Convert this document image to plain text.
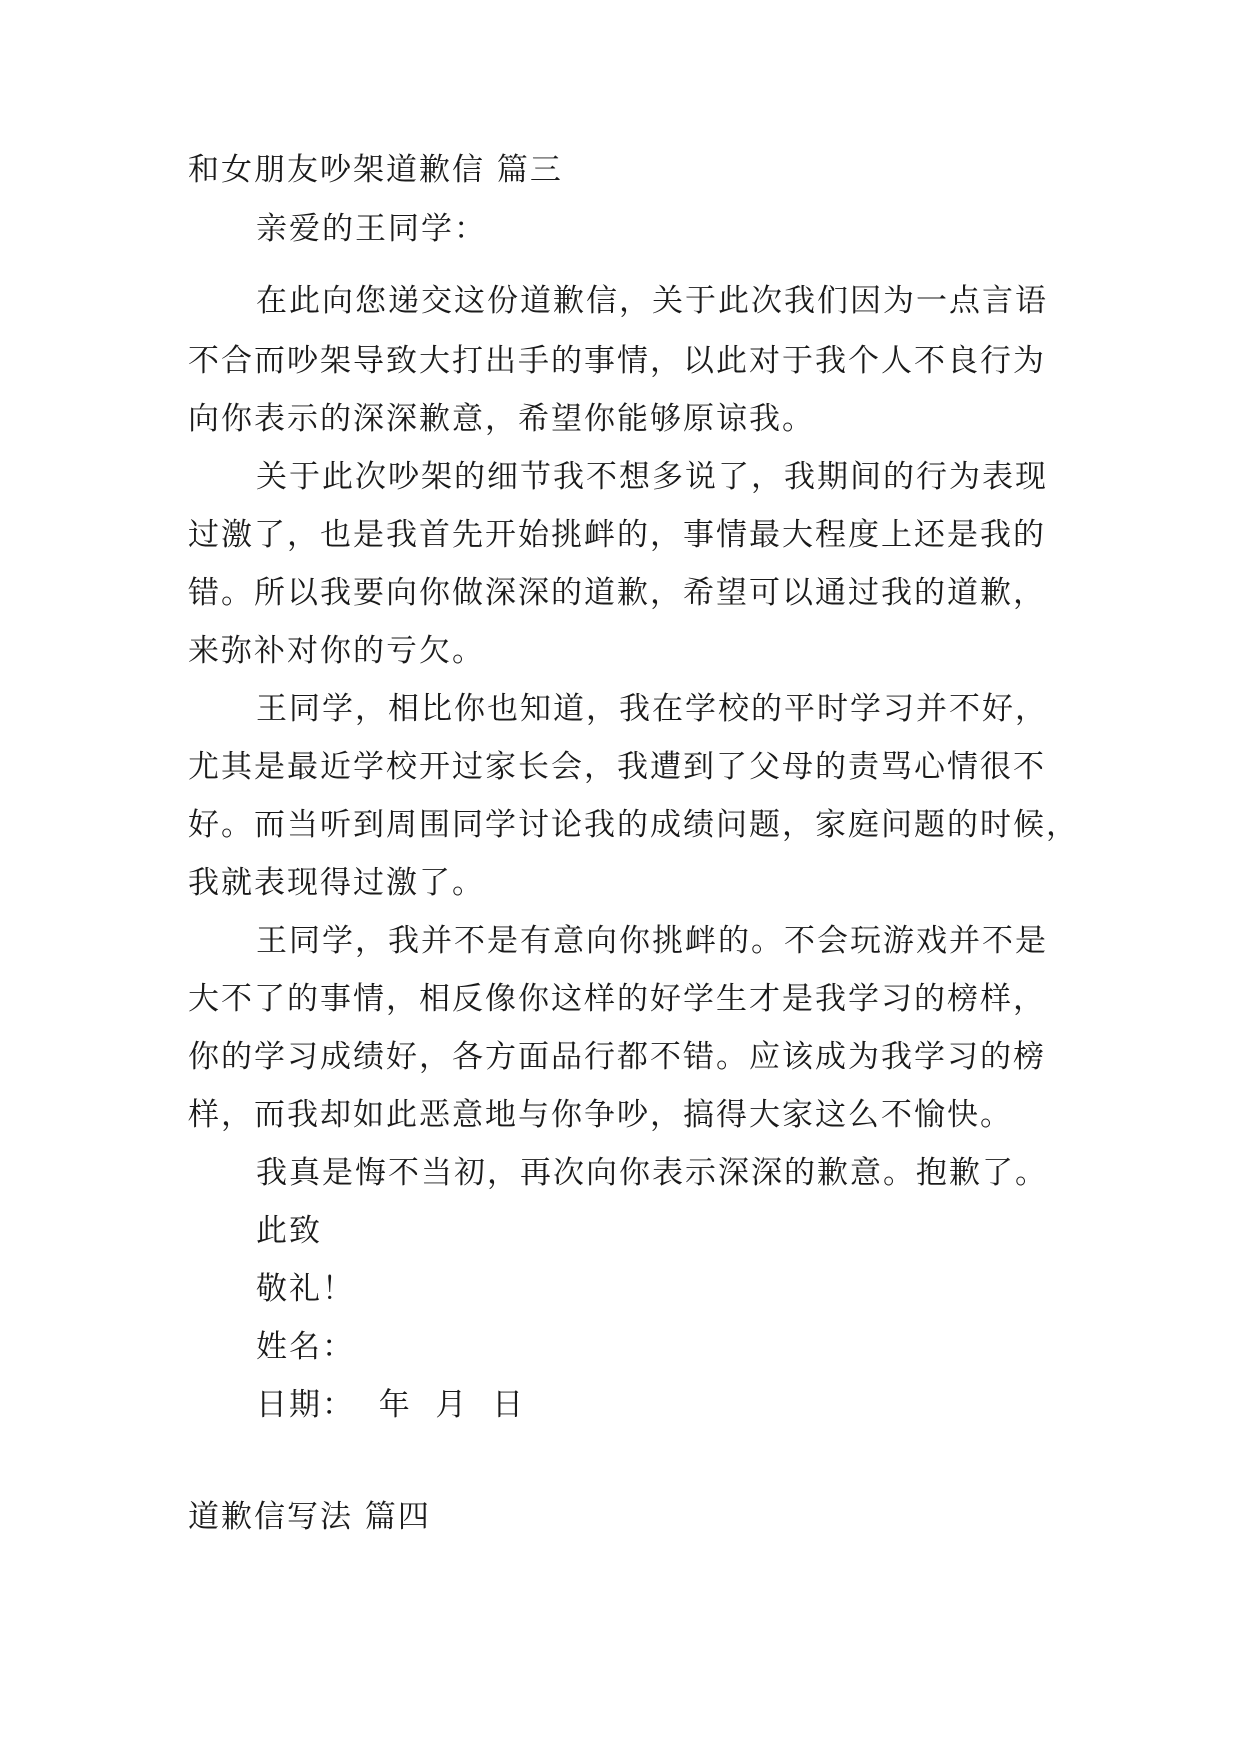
和女朋友吵架道歉信 篇三
亲爱的王同学：
在此向您递交这份道歉信，关于此次我们因为一点言语
不合而吵架导致大打出手的事情，以此对于我个人不良行为
向你表示的深深歉意，希望你能够原谅我。
关于此次吵架的细节我不想多说了，我期间的行为表现
过激了，也是我首先开始挑衅的，事情最大程度上还是我的
错。所以我要向你做深深的道歉，希望可以通过我的道歉，
来弥补对你的亏欠。
王同学，相比你也知道，我在学校的平时学习并不好，
尤其是最近学校开过家长会，我遭到了父母的责骂心情很不
好。而当听到周围同学讨论我的成绩问题，家庭问题的时候，
我就表现得过激了。
王同学，我并不是有意向你挑衅的。不会玩游戏并不是
大不了的事情，相反像你这样的好学生才是我学习的榜样，
你的学习成绩好，各方面品行都不错。应该成为我学习的榜
样，而我却如此恶意地与你争吵，搞得大家这么不愉快。
我真是悔不当初，再次向你表示深深的歉意。抱歉了。
此致
敬礼！
姓名：
日期：  年  月  日
道歉信写法 篇四
